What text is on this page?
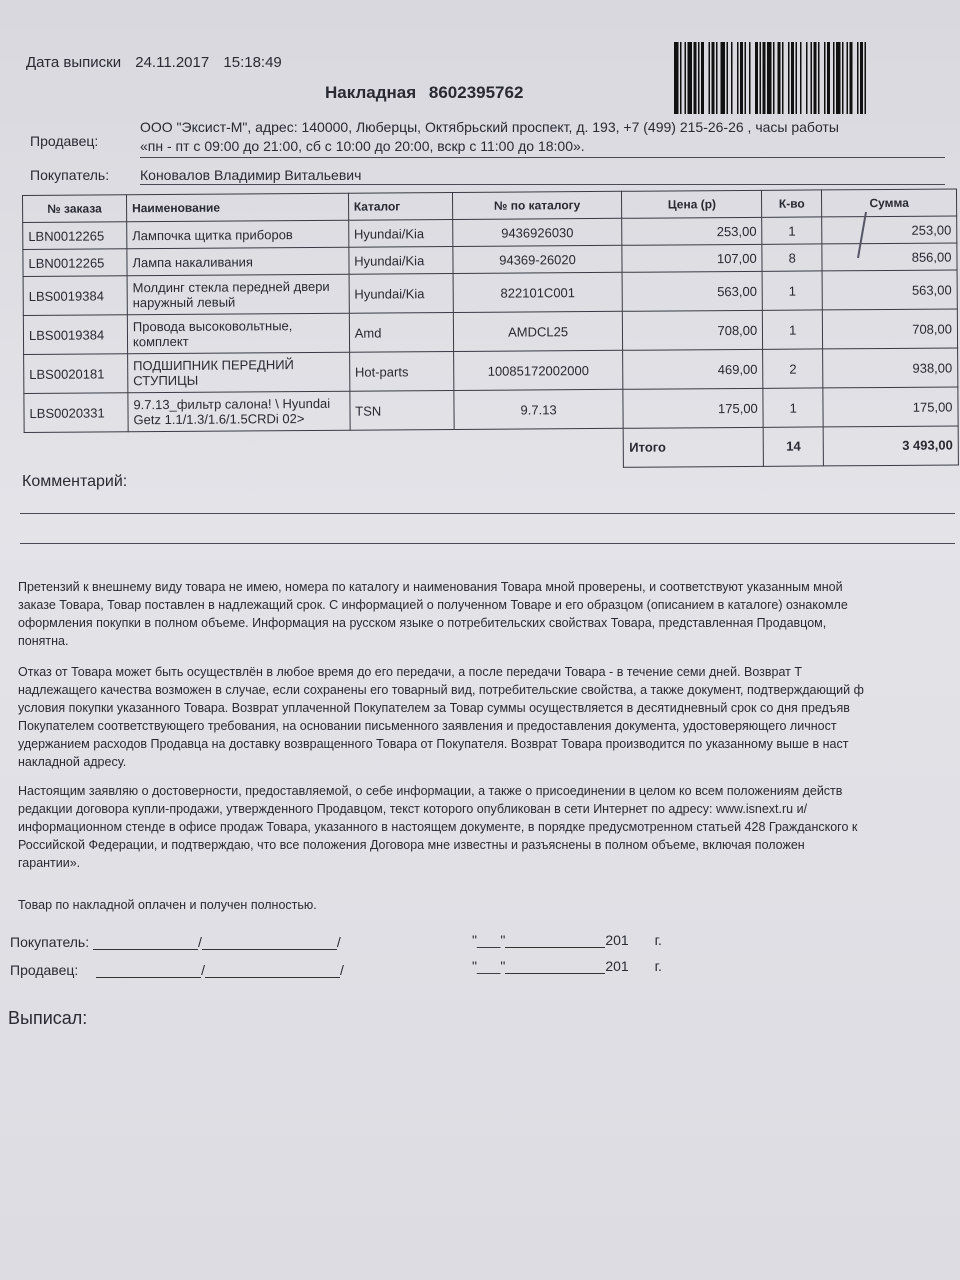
Дата выписки 24.11.2017 15:18:49
Накладная 8602395762
Продавец:
ООО "Эксист-М", адрес: 140000, Люберцы, Октябрьский проспект, д. 193, +7 (499) 215-26-26 , часы работы
«пн - пт с 09:00 до 21:00, сб с 10:00 до 20:00, вскр с 11:00 до 18:00».
Покупатель: Коновалов Владимир Витальевич
№ заказа	Наименование	Каталог	№ по каталогу	Цена (р)	К-во	Сумма
LBN0012265	Лампочка щитка приборов	Hyundai/Kia	9436926030	253,00	1	253,00
LBN0012265	Лампа накаливания	Hyundai/Kia	94369-26020	107,00	8	856,00
LBS0019384	Молдинг стекла передней двери наружный левый	Hyundai/Kia	822101C001	563,00	1	563,00
LBS0019384	Провода высоковольтные, комплект	Amd	AMDCL25	708,00	1	708,00
LBS0020181	ПОДШИПНИК ПЕРЕДНИЙ СТУПИЦЫ	Hot-parts	10085172002000	469,00	2	938,00
LBS0020331	9.7.13_фильтр салона! \ Hyundai Getz 1.1/1.3/1.6/1.5CRDi 02>	TSN	9.7.13	175,00	1	175,00
				Итого	14	3 493,00
Комментарий:
Претензий к внешнему виду товара не имею, номера по каталогу и наименования Товара мной проверены, и соответствуют указанным мной
заказе Товара, Товар поставлен в надлежащий срок. С информацией о полученном Товаре и его образцом (описанием в каталоге) ознакомле
оформления покупки в полном объеме. Информация на русском языке о потребительских свойствах Товара, представленная Продавцом,
понятна.
Отказ от Товара может быть осуществлён в любое время до его передачи, а после передачи Товара - в течение семи дней. Возврат Т
надлежащего качества возможен в случае, если сохранены его товарный вид, потребительские свойства, а также документ, подтверждающий ф
условия покупки указанного Товара. Возврат уплаченной Покупателем за Товар суммы осуществляется в десятидневный срок со дня предъяв
Покупателем соответствующего требования, на основании письменного заявления и предоставления документа, удостоверяющего личност
удержанием расходов Продавца на доставку возвращенного Товара от Покупателя. Возврат Товара производится по указанному выше в наст
накладной адресу.
Настоящим заявляю о достоверности, предоставляемой, о себе информации, а также о присоединении в целом ко всем положениям действ
редакции договора купли-продажи, утвержденного Продавцом, текст которого опубликован в сети Интернет по адресу: www.isnext.ru и/
информационном стенде в офисе продаж Товара, указанного в настоящем документе, в порядке предусмотренном статьей 428 Гражданского к
Российской Федерации, и подтверждаю, что все положения Договора мне известны и разъяснены в полном объеме, включая положен
гарантии».
Товар по накладной оплачен и получен полностью.
Покупатель:	/	/	"___"	201 г.
Продавец:	/	/	"___"	201 г.
Выписал:
